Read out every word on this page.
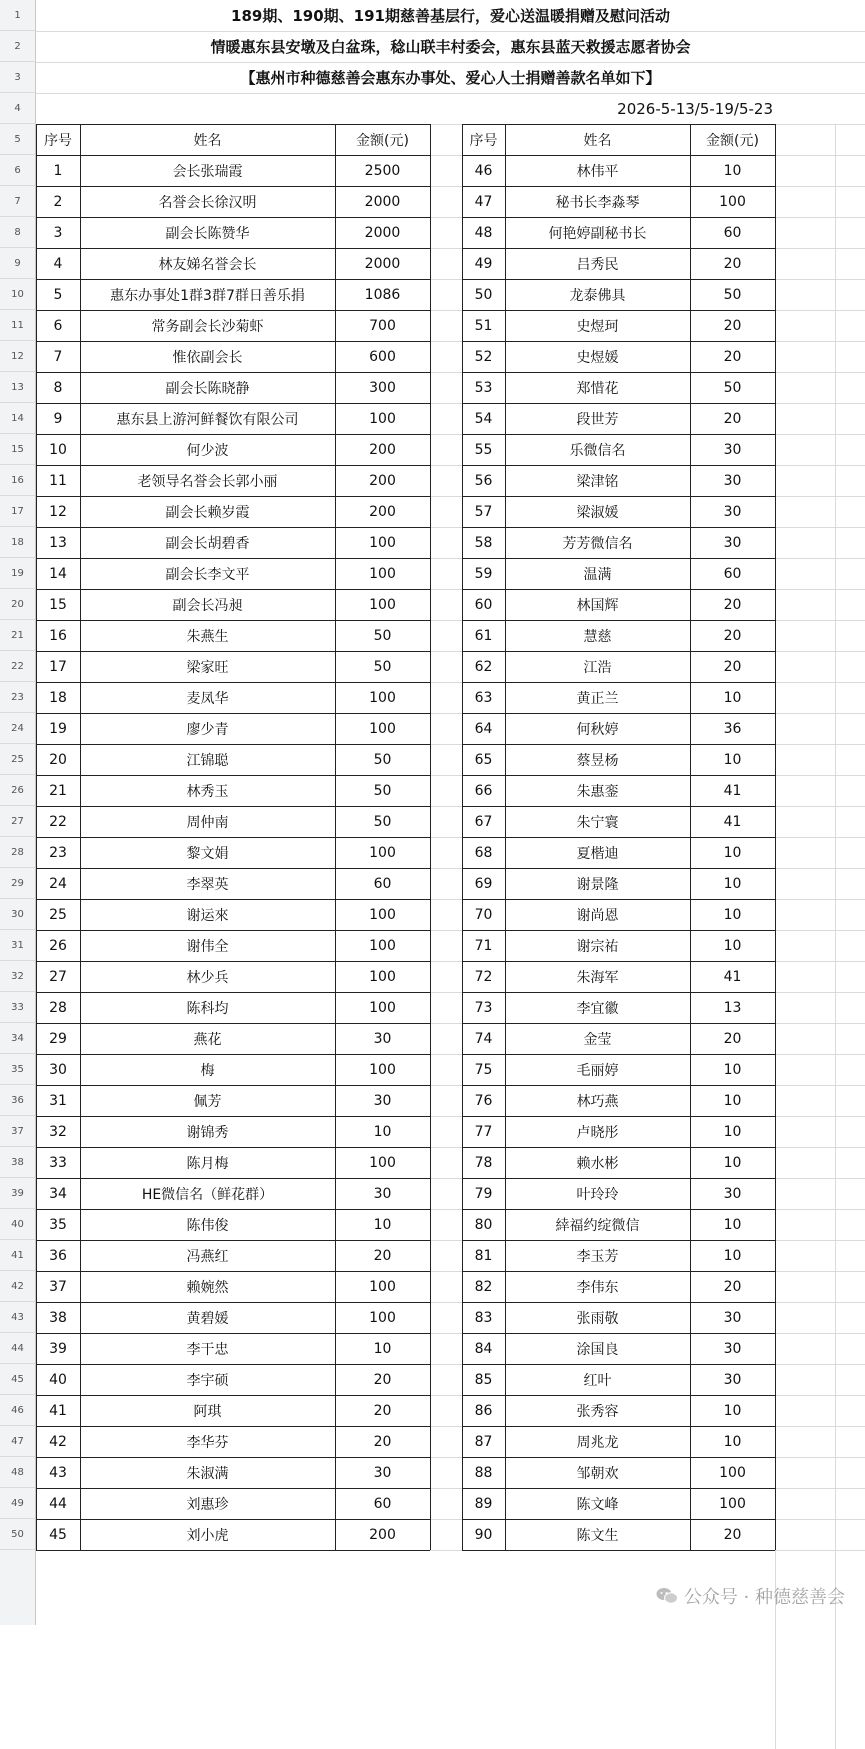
1
2
3
4
5
6
7
8
9
10
11
12
13
14
15
16
17
18
19
20
21
22
23
24
25
26
27
28
29
30
31
32
33
34
35
36
37
38
39
40
41
42
43
44
45
46
47
48
49
50
189期、190期、191期慈善基层行，爱心送温暖捐赠及慰问活动
情暖惠东县安墩及白盆珠，稔山联丰村委会，惠东县蓝天救援志愿者协会
【惠州市种德慈善会惠东办事处、爱心人士捐赠善款名单如下】
2026-5-13/5-19/5-23
序号	姓名	金额(元)
1	会长张瑞霞	2500
2	名誉会长徐汉明	2000
3	副会长陈赞华	2000
4	林友娣名誉会长	2000
5	惠东办事处1群3群7群日善乐捐	1086
6	常务副会长沙菊虾	700
7	惟依副会长	600
8	副会长陈晓静	300
9	惠东县上游河鲜餐饮有限公司	100
10	何少波	200
11	老领导名誉会长郭小丽	200
12	副会长赖岁霞	200
13	副会长胡碧香	100
14	副会长李文平	100
15	副会长冯昶	100
16	朱燕生	50
17	梁家旺	50
18	麦凤华	100
19	廖少青	100
20	江锦聪	50
21	林秀玉	50
22	周仲南	50
23	黎文娟	100
24	李翠英	60
25	谢运來	100
26	谢伟全	100
27	林少兵	100
28	陈科均	100
29	燕花	30
30	梅	100
31	佩芳	30
32	谢锦秀	10
33	陈月梅	100
34	HE微信名（鲜花群）	30
35	陈伟俊	10
36	冯燕红	20
37	赖婉然	100
38	黄碧媛	100
39	李干忠	10
40	李宇硕	20
41	阿琪	20
42	李华芬	20
43	朱淑满	30
44	刘惠珍	60
45	刘小虎	200
序号	姓名	金额(元)
46	林伟平	10
47	秘书长李淼琴	100
48	何艳婷副秘书长	60
49	吕秀民	20
50	龙泰佛具	50
51	史煜珂	20
52	史煜媛	20
53	郑惜花	50
54	段世芳	20
55	乐微信名	30
56	梁津铭	30
57	梁淑媛	30
58	芳芳微信名	30
59	温满	60
60	林国辉	20
61	慧慈	20
62	江浩	20
63	黄正兰	10
64	何秋婷	36
65	蔡昱杨	10
66	朱惠銮	41
67	朱宁寰	41
68	夏楷迪	10
69	谢景隆	10
70	谢尚恩	10
71	谢宗祐	10
72	朱海军	41
73	李宜徽	13
74	金莹	20
75	毛丽婷	10
76	林巧燕	10
77	卢晓彤	10
78	赖水彬	10
79	叶玲玲	30
80	緈福约绽微信	10
81	李玉芳	10
82	李伟东	20
83	张雨敬	30
84	涂国良	30
85	红叶	30
86	张秀容	10
87	周兆龙	10
88	邹朝欢	100
89	陈文峰	100
90	陈文生	20
公众号 · 种德慈善会
